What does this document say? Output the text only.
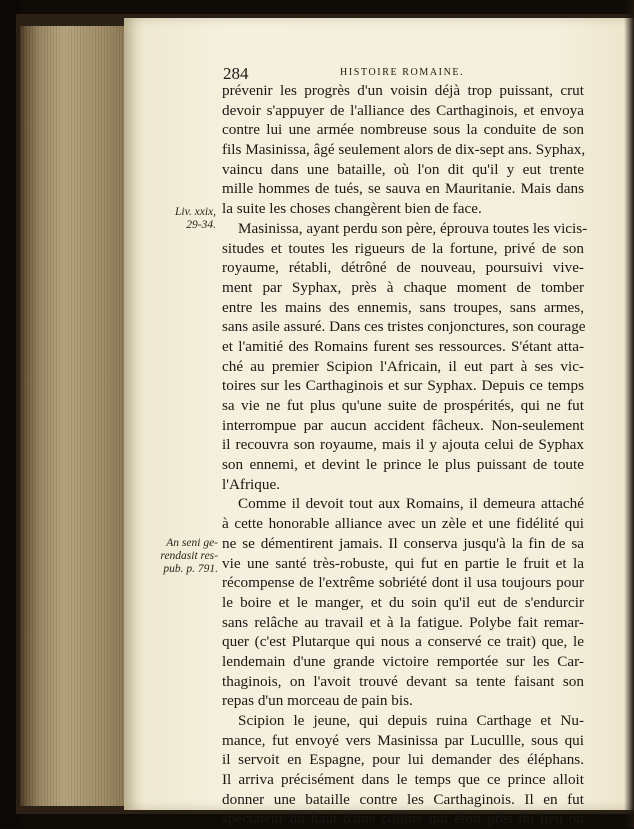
284	HISTOIRE ROMAINE.
prévenir les progrès d'un voisin déjà trop puissant, crut
devoir s'appuyer de l'alliance des Carthaginois, et envoya
contre lui une armée nombreuse sous la conduite de son
fils Masinissa, âgé seulement alors de dix-sept ans. Syphax,
vaincu dans une bataille, où l'on dit qu'il y eut trente
mille hommes de tués, se sauva en Mauritanie. Mais dans
la suite les choses changèrent bien de face.
Masinissa, ayant perdu son père, éprouva toutes les vicis-
situdes et toutes les rigueurs de la fortune, privé de son
royaume, rétabli, détrôné de nouveau, poursuivi vive-
ment par Syphax, près à chaque moment de tomber
entre les mains des ennemis, sans troupes, sans armes,
sans asile assuré. Dans ces tristes conjonctures, son courage
et l'amitié des Romains furent ses ressources. S'étant atta-
ché au premier Scipion l'Africain, il eut part à ses vic-
toires sur les Carthaginois et sur Syphax. Depuis ce temps
sa vie ne fut plus qu'une suite de prospérités, qui ne fut
interrompue par aucun accident fâcheux. Non-seulement
il recouvra son royaume, mais il y ajouta celui de Syphax
son ennemi, et devint le prince le plus puissant de toute
l'Afrique.
Comme il devoit tout aux Romains, il demeura attaché
à cette honorable alliance avec un zèle et une fidélité qui
ne se démentirent jamais. Il conserva jusqu'à la fin de sa
vie une santé très-robuste, qui fut en partie le fruit et la
récompense de l'extrême sobriété dont il usa toujours pour
le boire et le manger, et du soin qu'il eut de s'endurcir
sans relâche au travail et à la fatigue. Polybe fait remar-
quer (c'est Plutarque qui nous a conservé ce trait) que, le
lendemain d'une grande victoire remportée sur les Car-
thaginois, on l'avoit trouvé devant sa tente faisant son
repas d'un morceau de pain bis.
Scipion le jeune, qui depuis ruina Carthage et Nu-
mance, fut envoyé vers Masinissa par Lucullle, sous qui
il servoit en Espagne, pour lui demander des éléphans.
Il arriva précisément dans le temps que ce prince alloit
donner une bataille contre les Carthaginois. Il en fut
spectateur du haut d'une colline qui étoit près du lieu où
Liv. xxix,
29-34.
An seni ge-
rendasit res-
pub. p. 791.
